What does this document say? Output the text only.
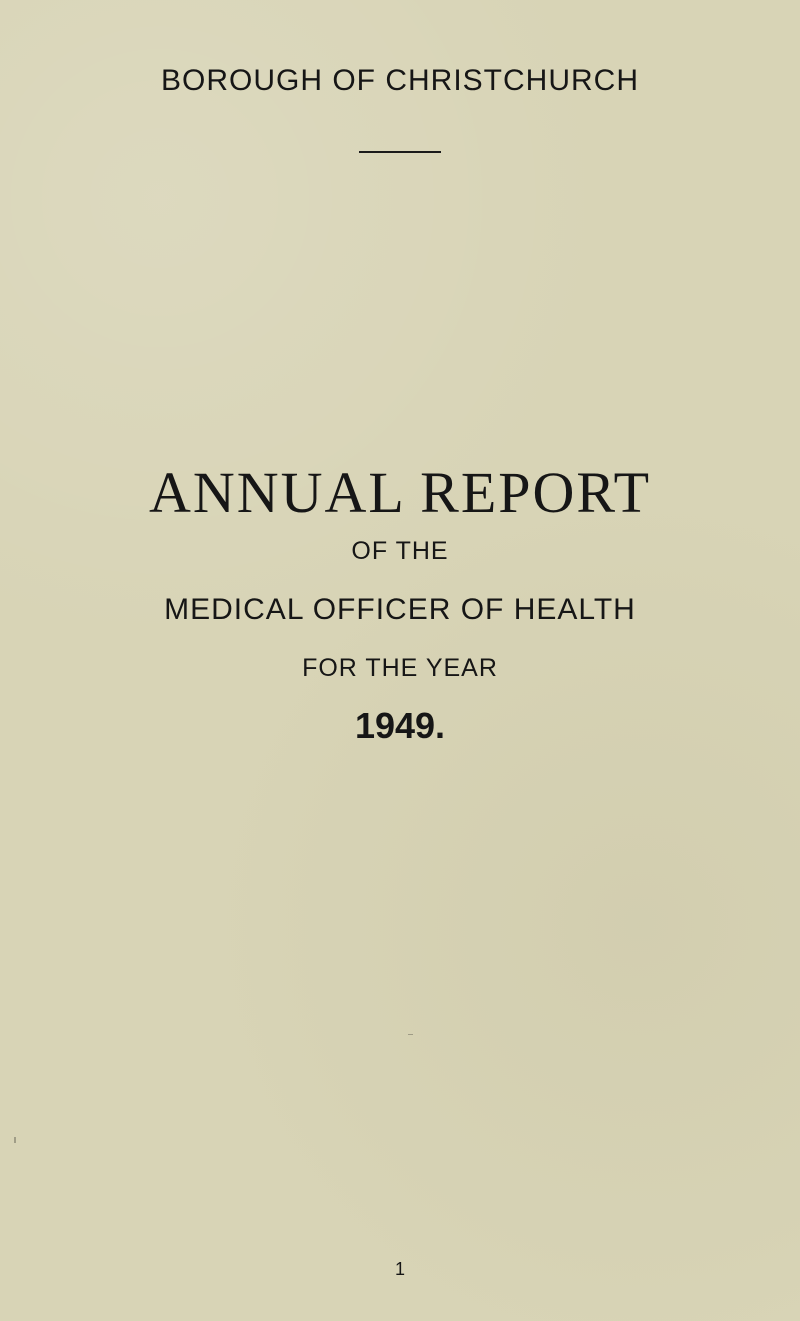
BOROUGH OF CHRISTCHURCH
ANNUAL REPORT
OF THE
MEDICAL OFFICER OF HEALTH
FOR THE YEAR
1949.
1
